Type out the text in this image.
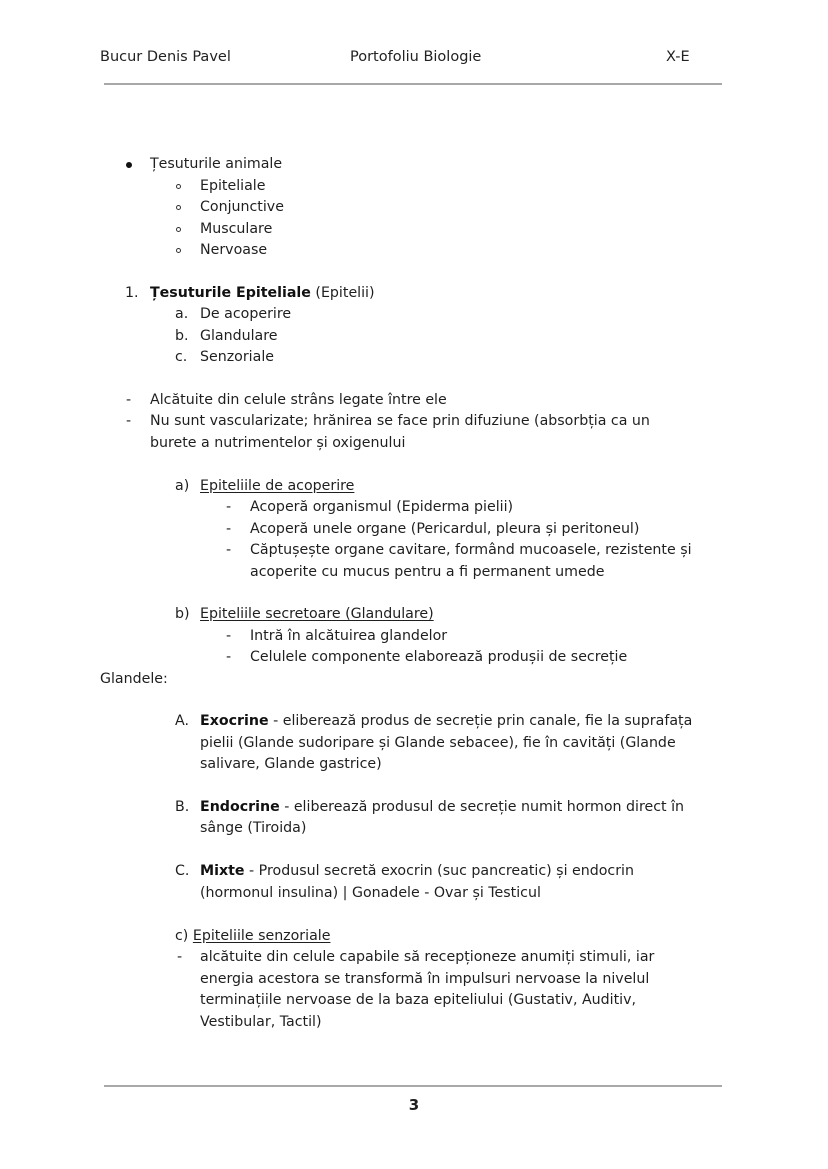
Bucur Denis Pavel	Portofoliu Biologie	X-E
Țesuturile animale
Epiteliale
Conjunctive
Musculare
Nervoase
1. Țesuturile Epiteliale (Epitelii)
a. De acoperire
b. Glandulare
c. Senzoriale
- Alcătuite din celule strâns legate între ele
- Nu sunt vascularizate; hrănirea se face prin difuziune (absorbția ca un
burete a nutrimentelor și oxigenului
a) Epiteliile de acoperire
- Acoperă organismul (Epiderma pielii)
- Acoperă unele organe (Pericardul, pleura și peritoneul)
- Căptușește organe cavitare, formând mucoasele, rezistente și
acoperite cu mucus pentru a fi permanent umede
b) Epiteliile secretoare (Glandulare)
- Intră în alcătuirea glandelor
- Celulele componente elaborează produșii de secreție
Glandele:
A. Exocrine - eliberează produs de secreție prin canale, fie la suprafața
pielii (Glande sudoripare și Glande sebacee), fie în cavități (Glande
salivare, Glande gastrice)
B. Endocrine - eliberează produsul de secreție numit hormon direct în
sânge (Tiroida)
C. Mixte - Produsul secretă exocrin (suc pancreatic) și endocrin
(hormonul insulina) | Gonadele - Ovar și Testicul
c) Epiteliile senzoriale
- alcătuite din celule capabile să recepționeze anumiți stimuli, iar
energia acestora se transformă în impulsuri nervoase la nivelul
terminațiile nervoase de la baza epiteliului (Gustativ, Auditiv,
Vestibular, Tactil)
3
